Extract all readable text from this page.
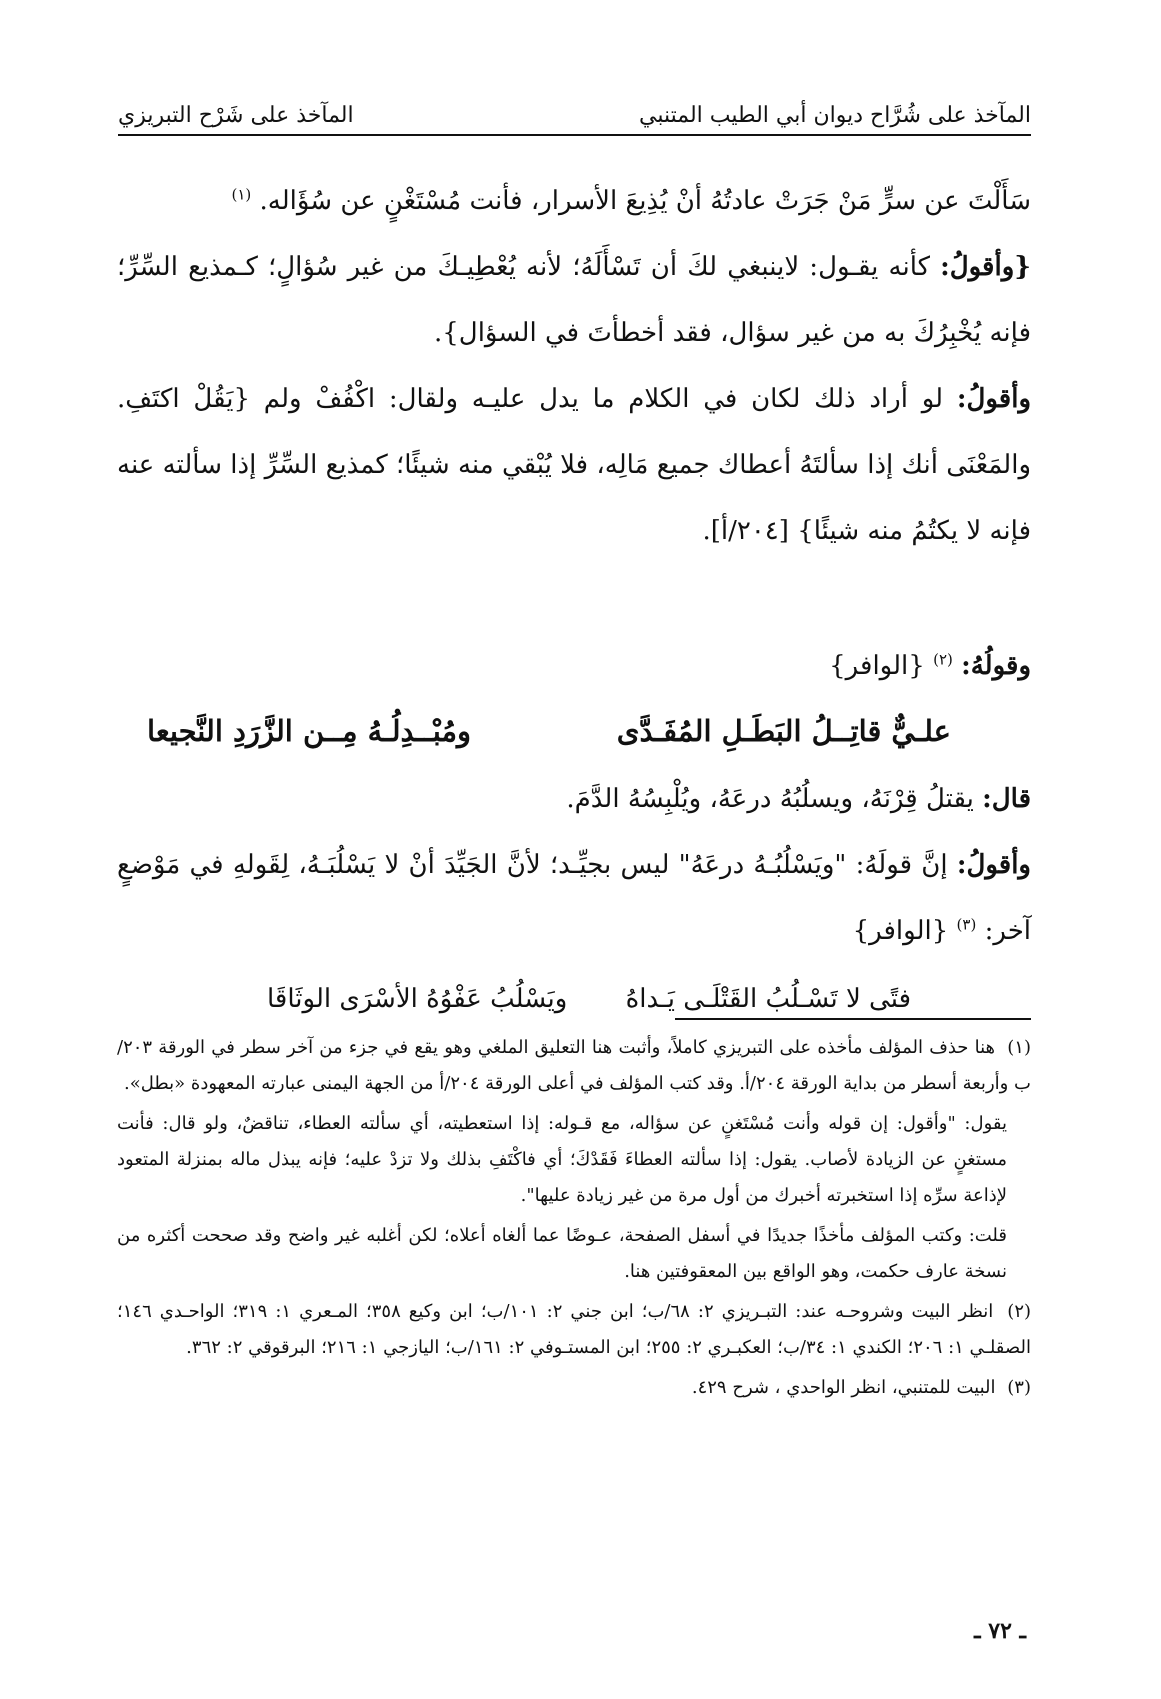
المآخذ على شُرَّاح ديوان أبي الطيب المتنبي
المآخذ على شَرْح التبريزي

سَأَلْتَ عن سرٍّ مَنْ جَرَتْ عادتُهُ أنْ يُذِيعَ الأسرار، فأنت مُسْتَغْنٍ عن سُؤَاله. $^{(١)}$

{وأقولُ: كأنه يقـول: لاينبغي لكَ أن تَسْأَلَهُ؛ لأنه يُعْطِيـكَ من غير سُؤالٍ؛ كـمذيع السِّرِّ؛ فإنه يُخْبِرُكَ به من غير سؤال، فقد أخطأتَ في السؤال}.

وأقولُ: لو أراد ذلك لكان في الكلام ما يدل عليـه ولقال: اكْفُفْ ولم {يَقُلْ اكتَفِ. والمَعْنَى أنك إذا سألتَهُ أعطاك جميع مَالِه، فلا يُبْقي منه شيئًا؛ كمذيع السِّرِّ إذا سألته عنه فإنه لا يكتُمُ منه شيئًا} [٢٠٤/أ].

وقولُهُ: $^{(٢)}$ {الوافر}

علـيٌّ قاتِــلُ البَطَـلِ المُفَـدَّى
ومُبْــدِلُـهُ مِــن الزَّرَدِ النَّجيعا

قال: يقتلُ قِرْنَهُ، ويسلُبُهُ درعَهُ، ويُلْبِسُهُ الدَّمَ.

وأقولُ: إنَّ قولَهُ: "ويَسْلُبُـهُ درعَهُ" ليس بجيِّـد؛ لأنَّ الجَيِّدَ أنْ لا يَسْلُبَـهُ، لِقَولهِ في مَوْضعٍ آخر: $^{(٣)}$ {الوافر}

فتًى لا تَسْـلُبُ القَتْلَـى يَـداهُ
ويَسْلُبُ عَفْوُهُ الأسْرَى الوثَاقَا

(١) هنا حذف المؤلف مأخذه على التبريزي كاملاً، وأثبت هنا التعليق الملغي وهو يقع في جزء من آخر سطر في الورقة ٢٠٣/ب وأربعة أسطر من بداية الورقة ٢٠٤/أ. وقد كتب المؤلف في أعلى الورقة ٢٠٤/أ من الجهة اليمنى عبارته المعهودة «بطل».

يقول: "وأقول: إن قوله وأنت مُسْتَغنٍ عن سؤاله، مع قـوله: إذا استعطيته، أي سألته العطاء، تناقضٌ، ولو قال: فأنت مستغنٍ عن الزيادة لأصاب. يقول: إذا سألته العطاءَ فَقَدْكَ؛ أي فاكْتَفِ بذلك ولا تزدْ عليه؛ فإنه يبذل ماله بمنزلة المتعود لإذاعة سرِّه إذا استخبرته أخبرك من أول مرة من غير زيادة عليها".

قلت: وكتب المؤلف مأخذًا جديدًا في أسفل الصفحة، عـوضًا عما ألغاه أعلاه؛ لكن أغلبه غير واضح وقد صححت أكثره من نسخة عارف حكمت، وهو الواقع بين المعقوفتين هنا.

(٢) انظر البيت وشروحـه عند: التبـريزي ٢: ٦٨/ب؛ ابن جني ٢: ١٠١/ب؛ ابن وكيع ٣٥٨؛ المـعري ١: ٣١٩؛ الواحـدي ١٤٦؛ الصقلـي ١: ٢٠٦؛ الكندي ١: ٣٤/ب؛ العكبـري ٢: ٢٥٥؛ ابن المستـوفي ٢: ١٦١/ب؛ اليازجي ١: ٢١٦؛ البرقوقي ٢: ٣٦٢.

(٣) البيت للمتنبي، انظر الواحدي ، شرح ٤٢٩.

ـ ٧٢ ـ
